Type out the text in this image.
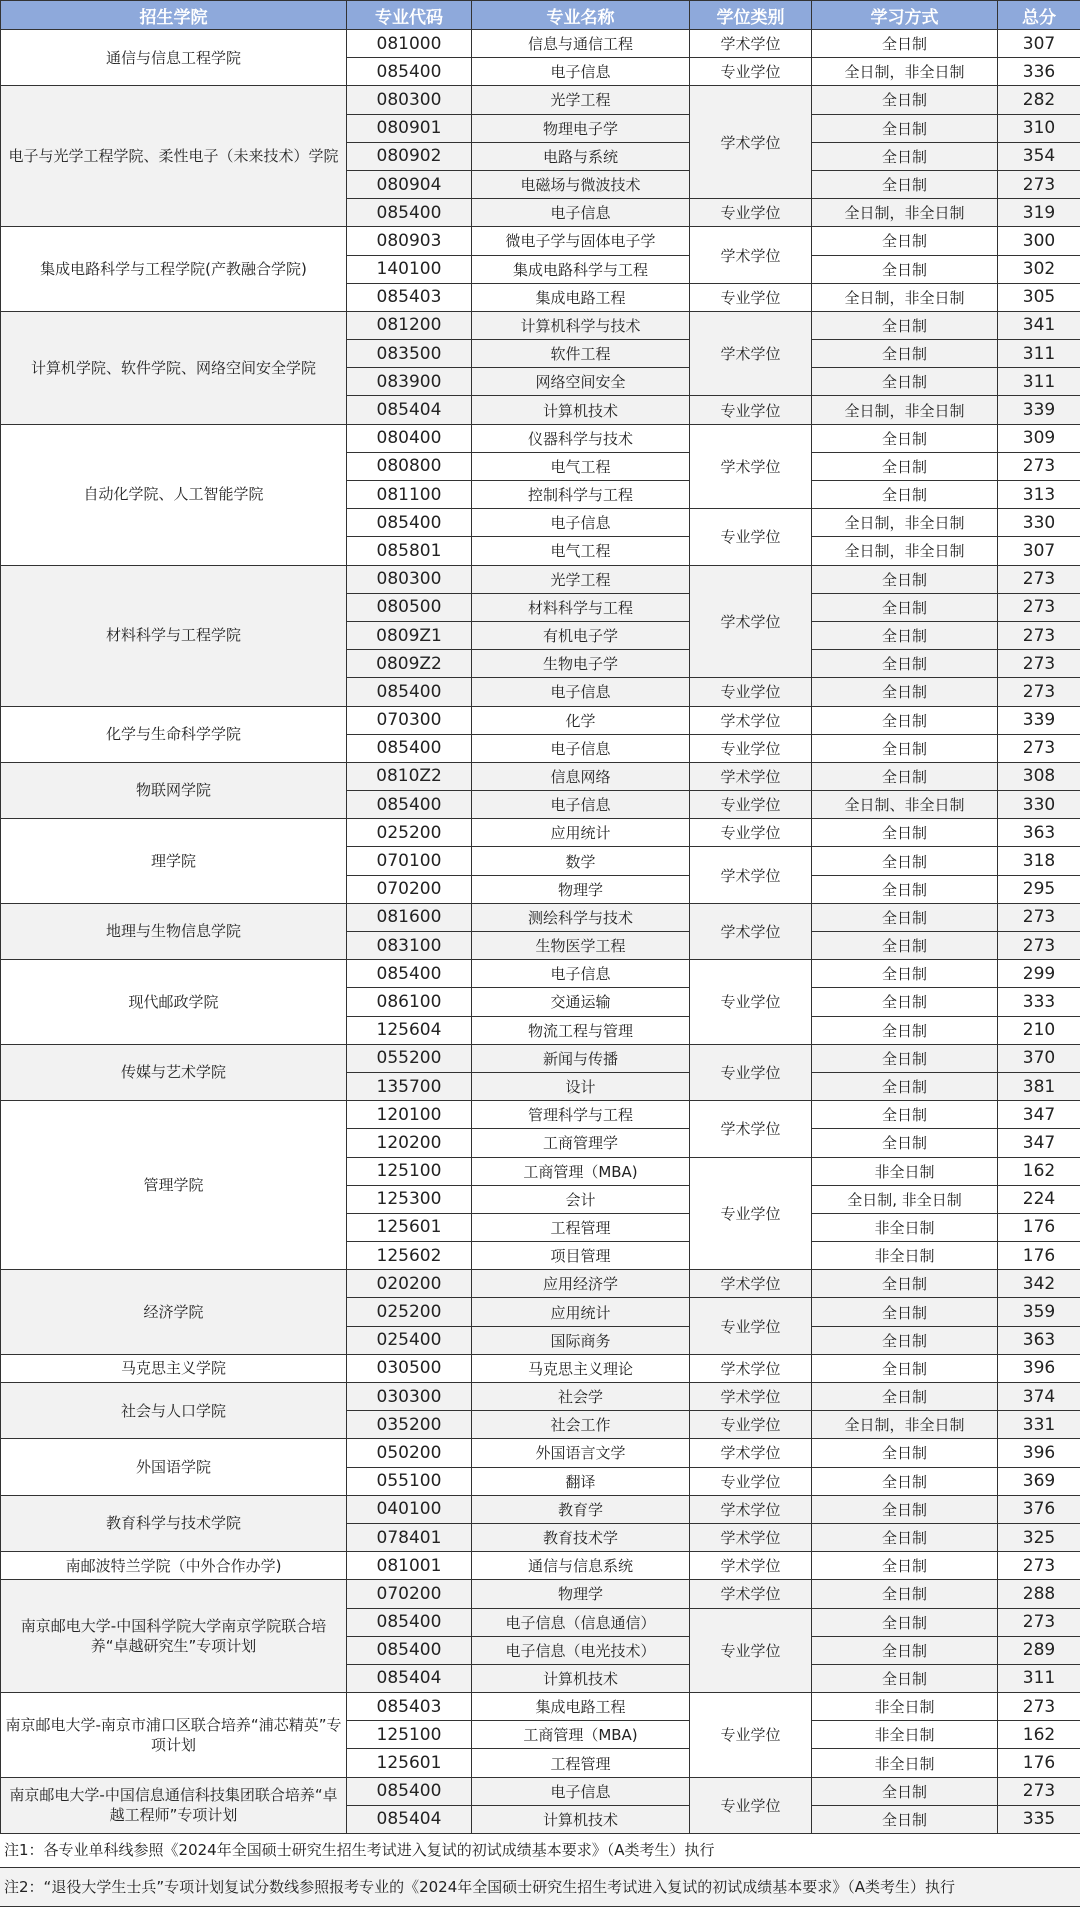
招生学院	专业代码	专业名称	学位类别	学习方式	总分
通信与信息工程学院	081000	信息与通信工程	学术学位	全日制	307
	085400	电子信息	专业学位	全日制，非全日制	336
电子与光学工程学院、柔性电子（未来技术）学院	080300	光学工程	学术学位	全日制	282
	080901	物理电子学		全日制	310
	080902	电路与系统		全日制	354
	080904	电磁场与微波技术		全日制	273
	085400	电子信息	专业学位	全日制，非全日制	319
集成电路科学与工程学院(产教融合学院)	080903	微电子学与固体电子学	学术学位	全日制	300
	140100	集成电路科学与工程		全日制	302
	085403	集成电路工程	专业学位	全日制，非全日制	305
计算机学院、软件学院、网络空间安全学院	081200	计算机科学与技术	学术学位	全日制	341
	083500	软件工程		全日制	311
	083900	网络空间安全		全日制	311
	085404	计算机技术	专业学位	全日制，非全日制	339
自动化学院、人工智能学院	080400	仪器科学与技术	学术学位	全日制	309
	080800	电气工程		全日制	273
	081100	控制科学与工程		全日制	313
	085400	电子信息	专业学位	全日制，非全日制	330
	085801	电气工程		全日制，非全日制	307
材料科学与工程学院	080300	光学工程	学术学位	全日制	273
	080500	材料科学与工程		全日制	273
	0809Z1	有机电子学		全日制	273
	0809Z2	生物电子学		全日制	273
	085400	电子信息	专业学位	全日制	273
化学与生命科学学院	070300	化学	学术学位	全日制	339
	085400	电子信息	专业学位	全日制	273
物联网学院	0810Z2	信息网络	学术学位	全日制	308
	085400	电子信息	专业学位	全日制、非全日制	330
理学院	025200	应用统计	专业学位	全日制	363
	070100	数学	学术学位	全日制	318
	070200	物理学		全日制	295
地理与生物信息学院	081600	测绘科学与技术	学术学位	全日制	273
	083100	生物医学工程		全日制	273
现代邮政学院	085400	电子信息	专业学位	全日制	299
	086100	交通运输		全日制	333
	125604	物流工程与管理		全日制	210
传媒与艺术学院	055200	新闻与传播	专业学位	全日制	370
	135700	设计		全日制	381
管理学院	120100	管理科学与工程	学术学位	全日制	347
	120200	工商管理学		全日制	347
	125100	工商管理（MBA)	专业学位	非全日制	162
	125300	会计		全日制, 非全日制	224
	125601	工程管理		非全日制	176
	125602	项目管理		非全日制	176
经济学院	020200	应用经济学	学术学位	全日制	342
	025200	应用统计	专业学位	全日制	359
	025400	国际商务		全日制	363
马克思主义学院	030500	马克思主义理论	学术学位	全日制	396
社会与人口学院	030300	社会学	学术学位	全日制	374
	035200	社会工作	专业学位	全日制，非全日制	331
外国语学院	050200	外国语言文学	学术学位	全日制	396
	055100	翻译	专业学位	全日制	369
教育科学与技术学院	040100	教育学	学术学位	全日制	376
	078401	教育技术学	学术学位	全日制	325
南邮波特兰学院（中外合作办学)	081001	通信与信息系统	学术学位	全日制	273
南京邮电大学-中国科学院大学南京学院联合培养“卓越研究生”专项计划	070200	物理学	学术学位	全日制	288
	085400	电子信息（信息通信）	专业学位	全日制	273
	085400	电子信息（电光技术）		全日制	289
	085404	计算机技术		全日制	311
南京邮电大学-南京市浦口区联合培养“浦芯精英”专项计划	085403	集成电路工程	专业学位	非全日制	273
	125100	工商管理（MBA)		非全日制	162
	125601	工程管理		非全日制	176
南京邮电大学-中国信息通信科技集团联合培养“卓越工程师”专项计划	085400	电子信息	专业学位	全日制	273
	085404	计算机技术		全日制	335
注1：各专业单科线参照《2024年全国硕士研究生招生考试进入复试的初试成绩基本要求》（A类考生）执行
注2：“退役大学生士兵”专项计划复试分数线参照报考专业的《2024年全国硕士研究生招生考试进入复试的初试成绩基本要求》（A类考生）执行
